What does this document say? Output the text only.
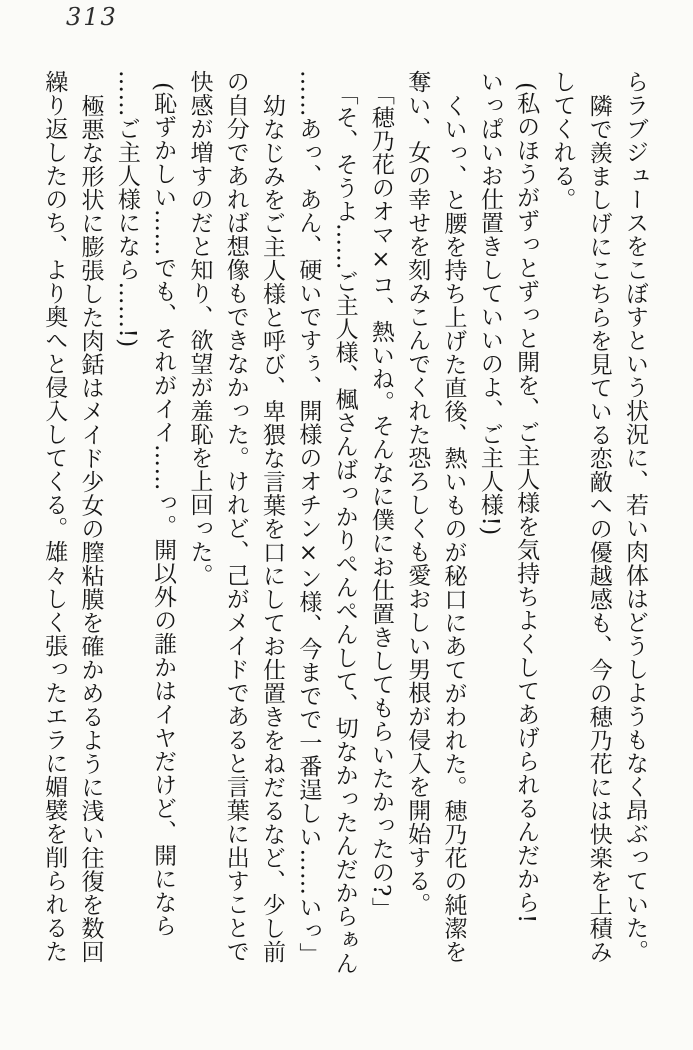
313
らラブジュースをこぼすという状況に、若い肉体はどうしようもなく昂ぶっていた。
隣で羨ましげにこちらを見ている恋敵への優越感も、今の穂乃花には快楽を上積み
してくれる。
(私のほうがずっとずっと開を、ご主人様を気持ちよくしてあげられるんだから!
いっぱいお仕置きしていいのよ、ご主人様!)
くいっ、と腰を持ち上げた直後、熱いものが秘口にあてがわれた。穂乃花の純潔を
奪い、女の幸せを刻みこんでくれた恐ろしくも愛おしい男根が侵入を開始する。
「穂乃花のオマ×コ、熱いね。そんなに僕にお仕置きしてもらいたかったの?」
「そ、そうよ……ご主人様、楓さんばっかりぺんぺんして、切なかったんだからぁん
……あっ、あん、硬いですぅ、開様のオチン×ン様、今までで一番逞しい……いっ」
幼なじみをご主人様と呼び、卑猥な言葉を口にしてお仕置きをねだるなど、少し前
の自分であれば想像もできなかった。けれど、己がメイドであると言葉に出すことで
快感が増すのだと知り、欲望が羞恥を上回った。
(恥ずかしい……でも、それがイイ……っ。開以外の誰かはイヤだけど、開になら
……ご主人様になら……!)
極悪な形状に膨張した肉銛はメイド少女の膣粘膜を確かめるように浅い往復を数回
繰り返したのち、より奥へと侵入してくる。雄々しく張ったエラに媚襞を削られるた
